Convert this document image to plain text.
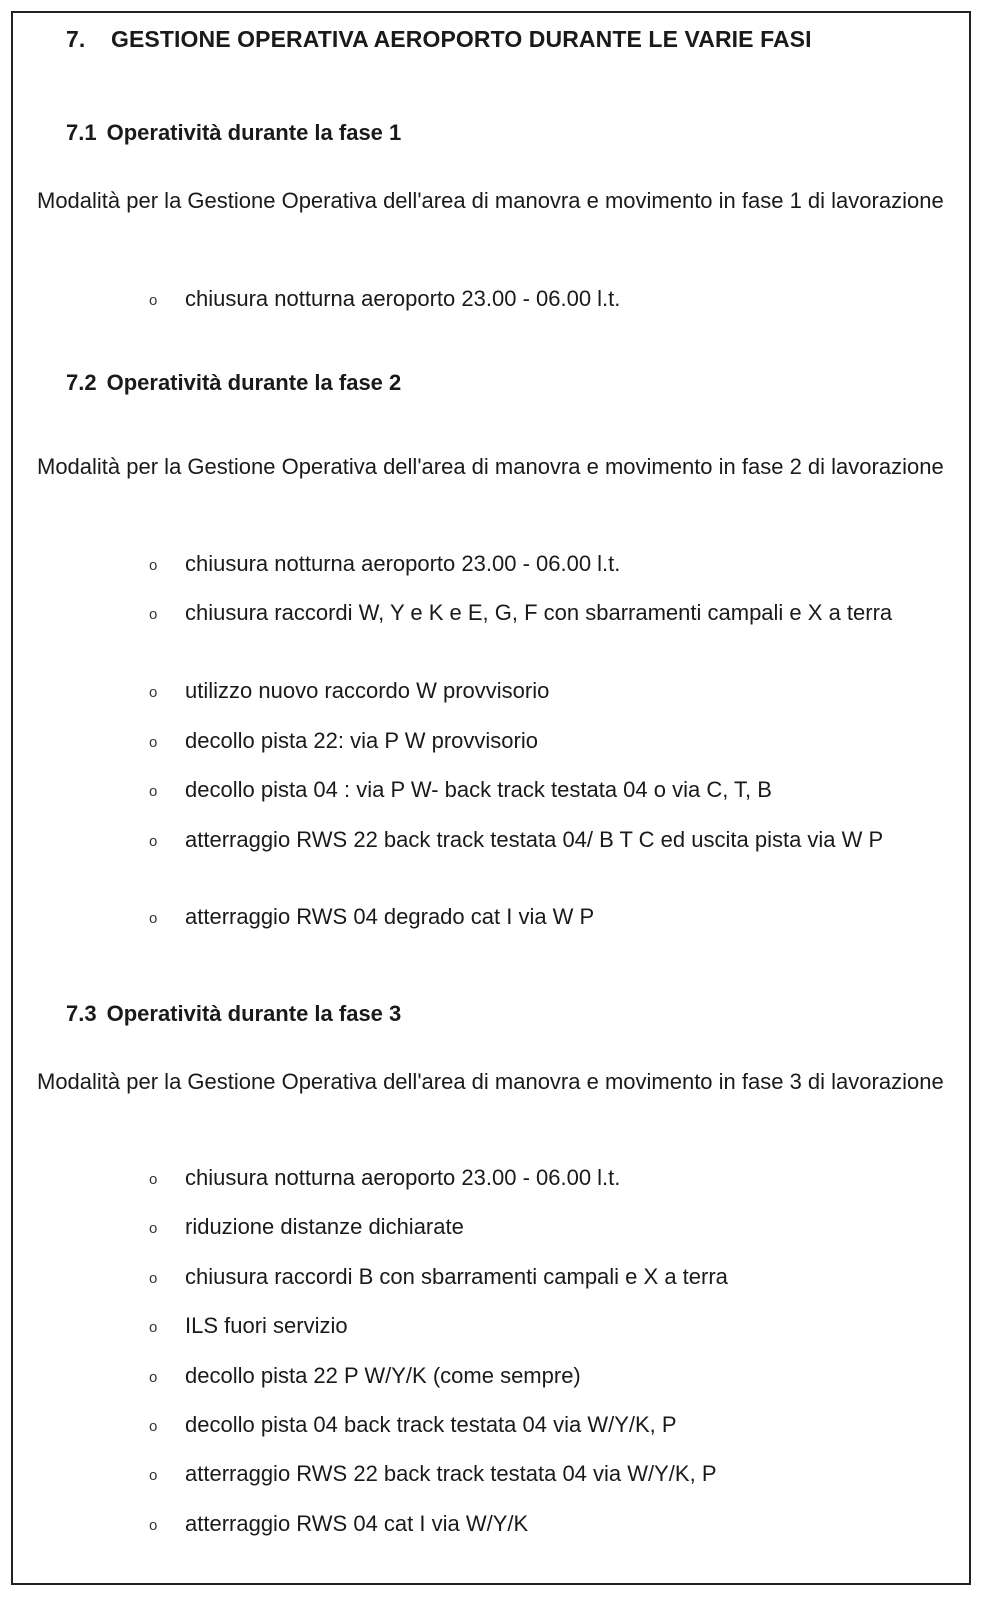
7. GESTIONE OPERATIVA AEROPORTO DURANTE LE VARIE FASI
7.1 Operatività durante la fase 1

Modalità per la Gestione Operativa dell'area di manovra e movimento in fase 1 di lavorazione

o chiusura notturna aeroporto 23.00 - 06.00 l.t.

7.2 Operatività durante la fase 2

Modalità per la Gestione Operativa dell'area di manovra e movimento in fase 2 di lavorazione

o chiusura notturna aeroporto 23.00 - 06.00 l.t.

o chiusura raccordi W, Y e K e E, G, F con sbarramenti campali e X a terra

o utilizzo nuovo raccordo W provvisorio

o decollo pista 22: via P W provvisorio

o decollo pista 04 : via P W- back track testata 04 o via C, T, B

o atterraggio RWS 22 back track testata 04/ B T C ed uscita pista via W P

o atterraggio RWS 04 degrado cat I via W P

7.3 Operatività durante la fase 3

Modalità per la Gestione Operativa dell'area di manovra e movimento in fase 3 di lavorazione

o chiusura notturna aeroporto 23.00 - 06.00 l.t.

o riduzione distanze dichiarate

o chiusura raccordi B con sbarramenti campali e X a terra

o ILS fuori servizio

o decollo pista 22 P W/Y/K (come sempre)

o decollo pista 04 back track testata 04 via W/Y/K, P

o atterraggio RWS 22 back track testata 04 via W/Y/K, P

o atterraggio RWS 04 cat I via W/Y/K
